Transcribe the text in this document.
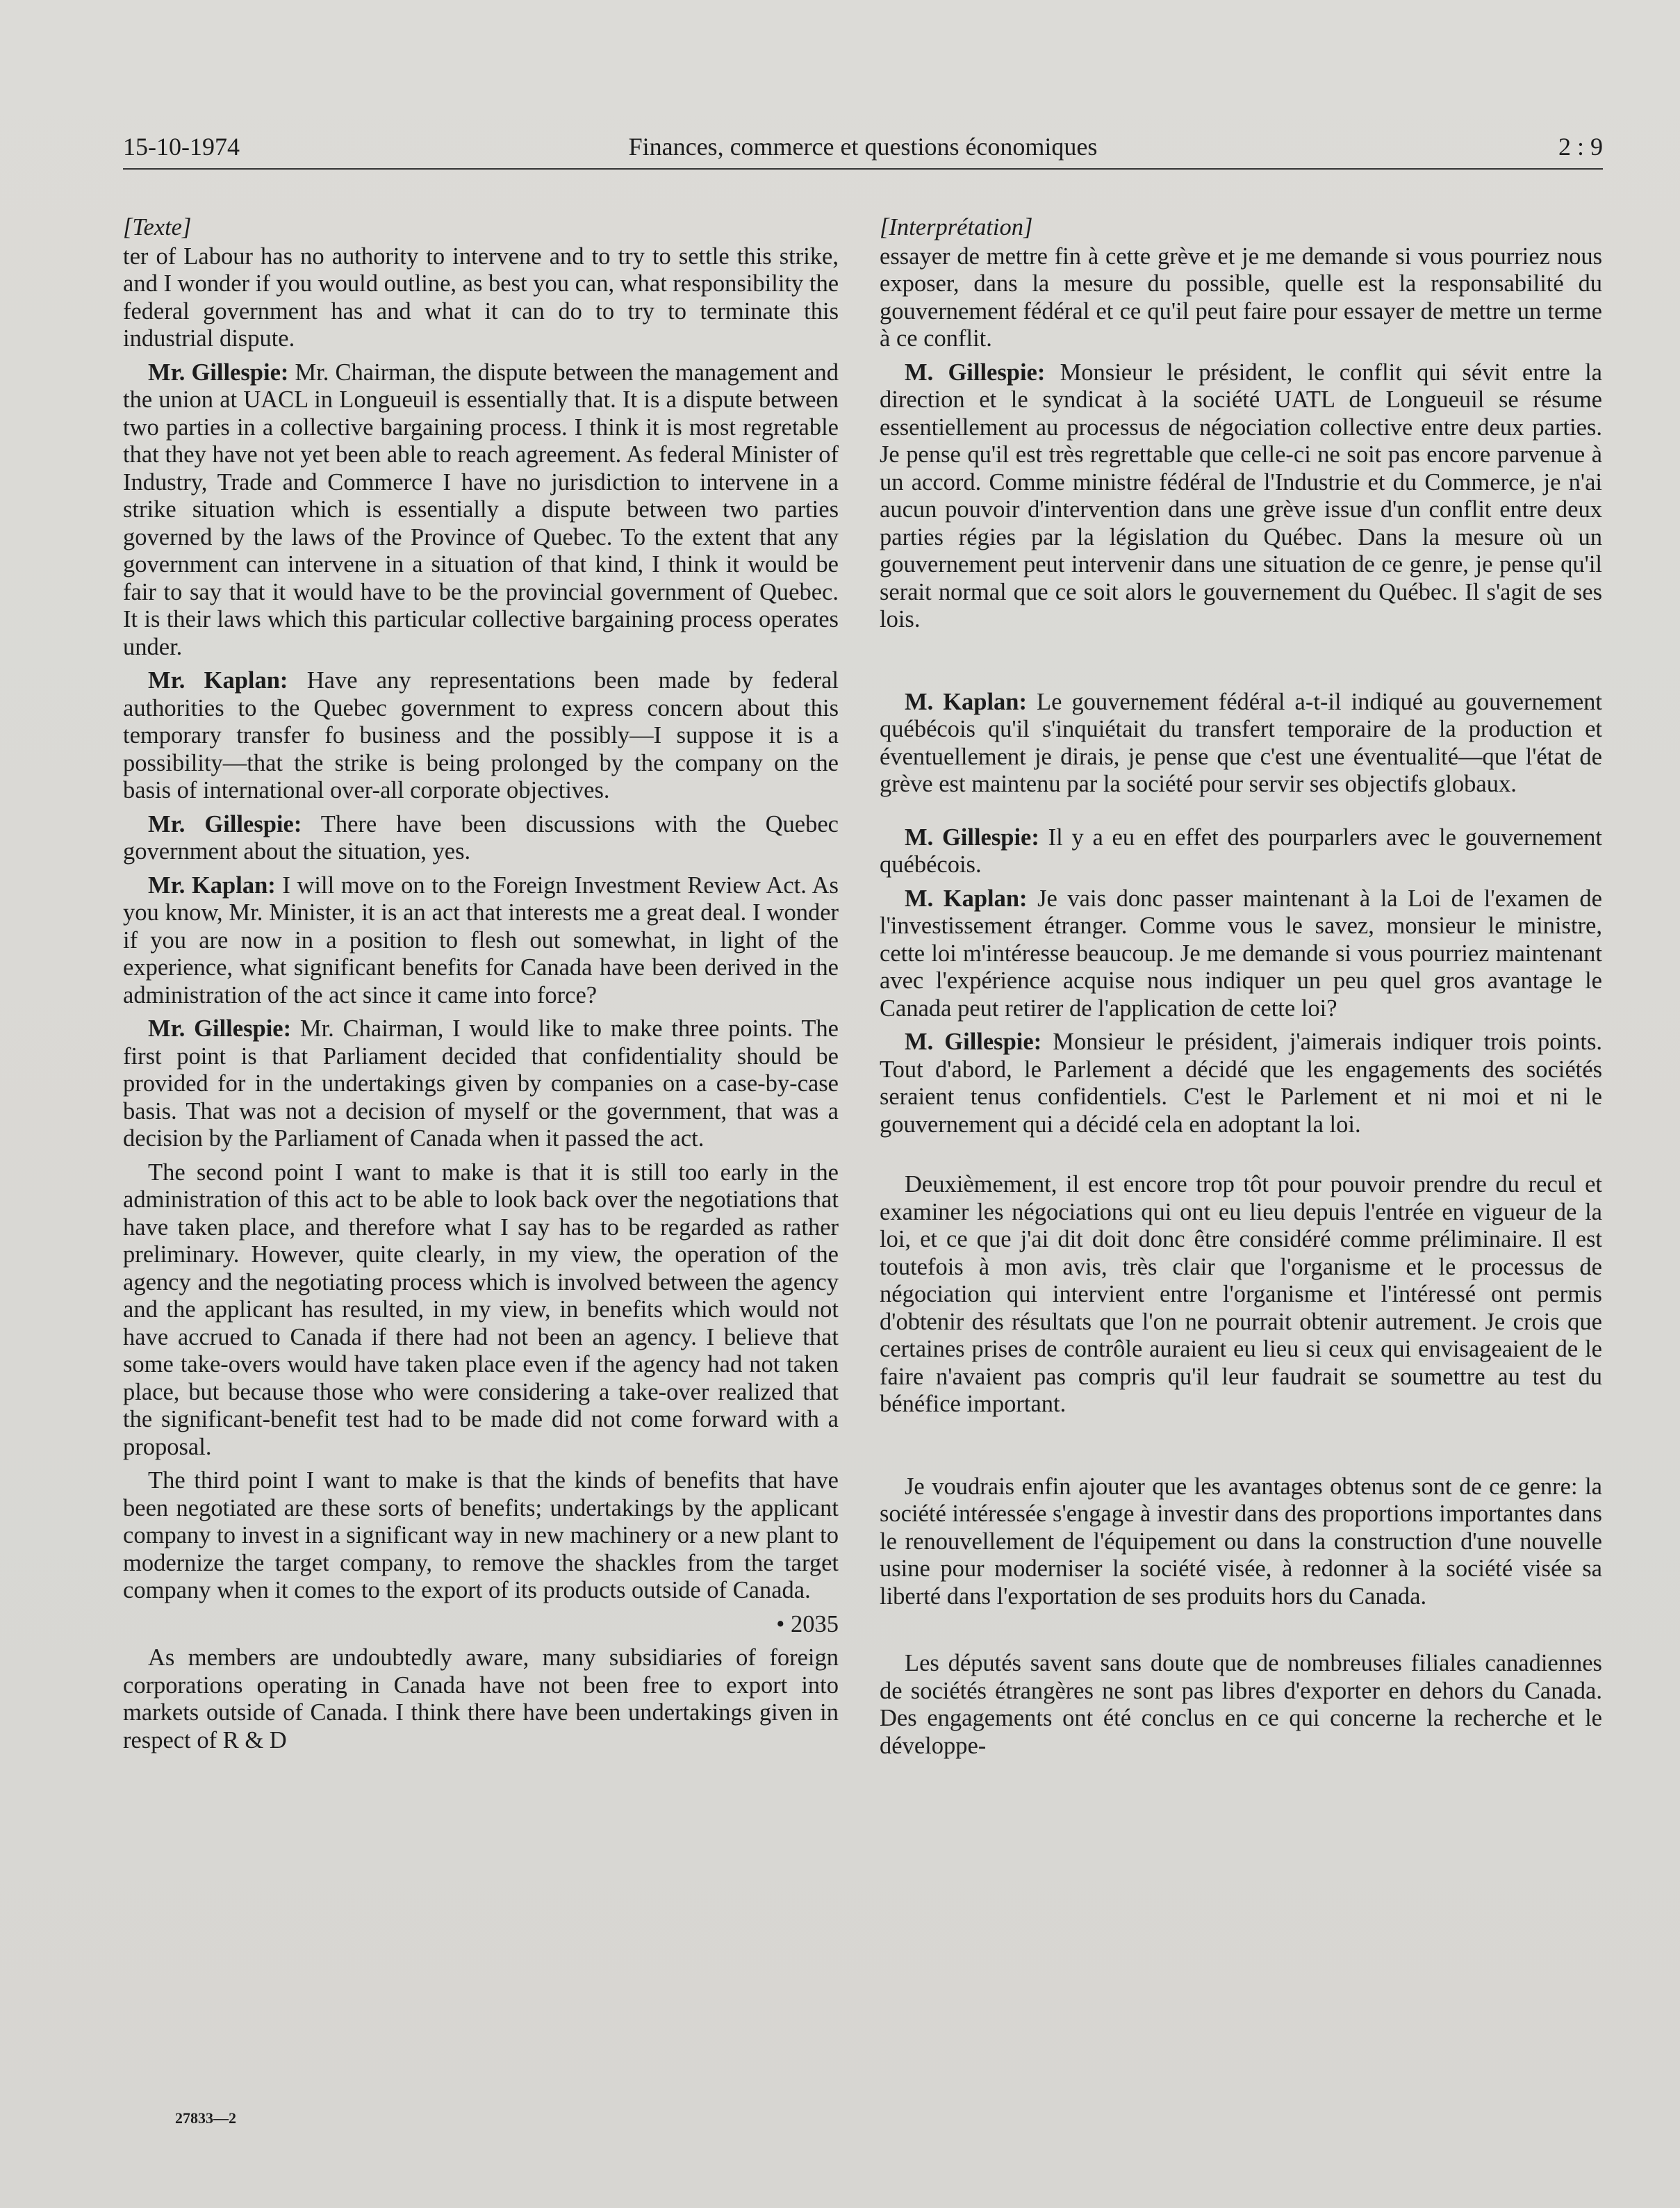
15-10-1974	Finances, commerce et questions économiques	2 : 9
[Texte]

ter of Labour has no authority to intervene and to try to settle this strike, and I wonder if you would outline, as best you can, what responsibility the federal government has and what it can do to try to terminate this industrial dispute.

Mr. Gillespie: Mr. Chairman, the dispute between the management and the union at UACL in Longueuil is essentially that. It is a dispute between two parties in a collective bargaining process. I think it is most regretable that they have not yet been able to reach agreement. As federal Minister of Industry, Trade and Commerce I have no jurisdiction to intervene in a strike situation which is essentially a dispute between two parties governed by the laws of the Province of Quebec. To the extent that any government can intervene in a situation of that kind, I think it would be fair to say that it would have to be the provincial government of Quebec. It is their laws which this particular collective bargaining process operates under.

Mr. Kaplan: Have any representations been made by federal authorities to the Quebec government to express concern about this temporary transfer fo business and the possibly—I suppose it is a possibility—that the strike is being prolonged by the company on the basis of international over-all corporate objectives.

Mr. Gillespie: There have been discussions with the Quebec government about the situation, yes.

Mr. Kaplan: I will move on to the Foreign Investment Review Act. As you know, Mr. Minister, it is an act that interests me a great deal. I wonder if you are now in a position to flesh out somewhat, in light of the experience, what significant benefits for Canada have been derived in the administration of the act since it came into force?

Mr. Gillespie: Mr. Chairman, I would like to make three points. The first point is that Parliament decided that confidentiality should be provided for in the undertakings given by companies on a case-by-case basis. That was not a decision of myself or the government, that was a decision by the Parliament of Canada when it passed the act.

The second point I want to make is that it is still too early in the administration of this act to be able to look back over the negotiations that have taken place, and therefore what I say has to be regarded as rather preliminary. However, quite clearly, in my view, the operation of the agency and the negotiating process which is involved between the agency and the applicant has resulted, in my view, in benefits which would not have accrued to Canada if there had not been an agency. I believe that some take-overs would have taken place even if the agency had not taken place, but because those who were considering a take-over realized that the significant-benefit test had to be made did not come forward with a proposal.

The third point I want to make is that the kinds of benefits that have been negotiated are these sorts of benefits; undertakings by the applicant company to invest in a significant way in new machinery or a new plant to modernize the target company, to remove the shackles from the target company when it comes to the export of its products outside of Canada.

• 2035

As members are undoubtedly aware, many subsidiaries of foreign corporations operating in Canada have not been free to export into markets outside of Canada. I think there have been undertakings given in respect of R & D

[Interprétation]

essayer de mettre fin à cette grève et je me demande si vous pourriez nous exposer, dans la mesure du possible, quelle est la responsabilité du gouvernement fédéral et ce qu'il peut faire pour essayer de mettre un terme à ce conflit.

M. Gillespie: Monsieur le président, le conflit qui sévit entre la direction et le syndicat à la société UATL de Longueuil se résume essentiellement au processus de négociation collective entre deux parties. Je pense qu'il est très regrettable que celle-ci ne soit pas encore parvenue à un accord. Comme ministre fédéral de l'Industrie et du Commerce, je n'ai aucun pouvoir d'intervention dans une grève issue d'un conflit entre deux parties régies par la législation du Québec. Dans la mesure où un gouvernement peut intervenir dans une situation de ce genre, je pense qu'il serait normal que ce soit alors le gouvernement du Québec. Il s'agit de ses lois.

M. Kaplan: Le gouvernement fédéral a-t-il indiqué au gouvernement québécois qu'il s'inquiétait du transfert temporaire de la production et éventuellement je dirais, je pense que c'est une éventualité—que l'état de grève est maintenu par la société pour servir ses objectifs globaux.

M. Gillespie: Il y a eu en effet des pourparlers avec le gouvernement québécois.

M. Kaplan: Je vais donc passer maintenant à la Loi de l'examen de l'investissement étranger. Comme vous le savez, monsieur le ministre, cette loi m'intéresse beaucoup. Je me demande si vous pourriez maintenant avec l'expérience acquise nous indiquer un peu quel gros avantage le Canada peut retirer de l'application de cette loi?

M. Gillespie: Monsieur le président, j'aimerais indiquer trois points. Tout d'abord, le Parlement a décidé que les engagements des sociétés seraient tenus confidentiels. C'est le Parlement et ni moi et ni le gouvernement qui a décidé cela en adoptant la loi.

Deuxièmement, il est encore trop tôt pour pouvoir prendre du recul et examiner les négociations qui ont eu lieu depuis l'entrée en vigueur de la loi, et ce que j'ai dit doit donc être considéré comme préliminaire. Il est toutefois à mon avis, très clair que l'organisme et le processus de négociation qui intervient entre l'organisme et l'intéressé ont permis d'obtenir des résultats que l'on ne pourrait obtenir autrement. Je crois que certaines prises de contrôle auraient eu lieu si ceux qui envisageaient de le faire n'avaient pas compris qu'il leur faudrait se soumettre au test du bénéfice important.

Je voudrais enfin ajouter que les avantages obtenus sont de ce genre: la société intéressée s'engage à investir dans des proportions importantes dans le renouvellement de l'équipement ou dans la construction d'une nouvelle usine pour moderniser la société visée, à redonner à la société visée sa liberté dans l'exportation de ses produits hors du Canada.

Les députés savent sans doute que de nombreuses filiales canadiennes de sociétés étrangères ne sont pas libres d'exporter en dehors du Canada. Des engagements ont été conclus en ce qui concerne la recherche et le développe-

27833—2
